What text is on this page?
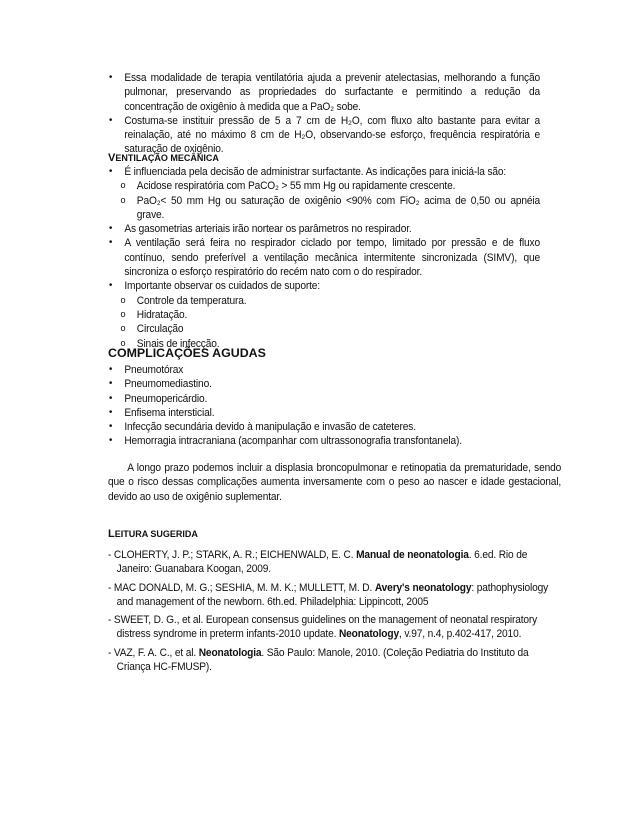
• Essa modalidade de terapia ventilatória ajuda a prevenir atelectasias, melhorando a função pulmonar, preservando as propriedades do surfactante e permitindo a redução da concentração de oxigênio à medida que a PaO₂ sobe.
• Costuma-se instituir pressão de 5 a 7 cm de H₂O, com fluxo alto bastante para evitar a reinalação, até no máximo 8 cm de H₂O, observando-se esforço, frequência respiratória e saturação de oxigênio.
VENTILAÇÃO MECÂNICA
• É influenciada pela decisão de administrar surfactante. As indicações para iniciá-la são:
o Acidose respiratória com PaCO₂ > 55 mm Hg ou rapidamente crescente.
o PaO₂< 50 mm Hg ou saturação de oxigênio <90% com FiO₂ acima de 0,50 ou apnéia grave.
• As gasometrias arteriais irão nortear os parâmetros no respirador.
• A ventilação será feira no respirador ciclado por tempo, limitado por pressão e de fluxo contínuo, sendo preferível a ventilação mecânica intermitente sincronizada (SIMV), que sincroniza o esforço respiratório do recém nato com o do respirador.
• Importante observar os cuidados de suporte:
o Controle da temperatura.
o Hidratação.
o Circulação
o Sinais de infecção.
COMPLICAÇÕES AGUDAS
• Pneumotórax
• Pneumomediastino.
• Pneumopericárdio.
• Enfisema intersticial.
• Infecção secundária devido à manipulação e invasão de cateteres.
• Hemorragia intracraniana (acompanhar com ultrassonografia transfontanela).
A longo prazo podemos incluir a displasia broncopulmonar e retinopatia da prematuridade, sendo que o risco dessas complicações aumenta inversamente com o peso ao nascer e idade gestacional, devido ao uso de oxigênio suplementar.
LEITURA SUGERIDA
- CLOHERTY, J. P.; STARK, A. R.; EICHENWALD, E. C. Manual de neonatologia. 6.ed. Rio de Janeiro: Guanabara Koogan, 2009.
- MAC DONALD, M. G.; SESHIA, M. M. K.; MULLETT, M. D. Avery's neonatology: pathophysiology and management of the newborn. 6th.ed. Philadelphia: Lippincott, 2005
- SWEET, D. G., et al. European consensus guidelines on the management of neonatal respiratory distress syndrome in preterm infants-2010 update. Neonatology, v.97, n.4, p.402-417, 2010.
- VAZ, F. A. C., et al. Neonatologia. São Paulo: Manole, 2010. (Coleção Pediatria do Instituto da Criança HC-FMUSP).
